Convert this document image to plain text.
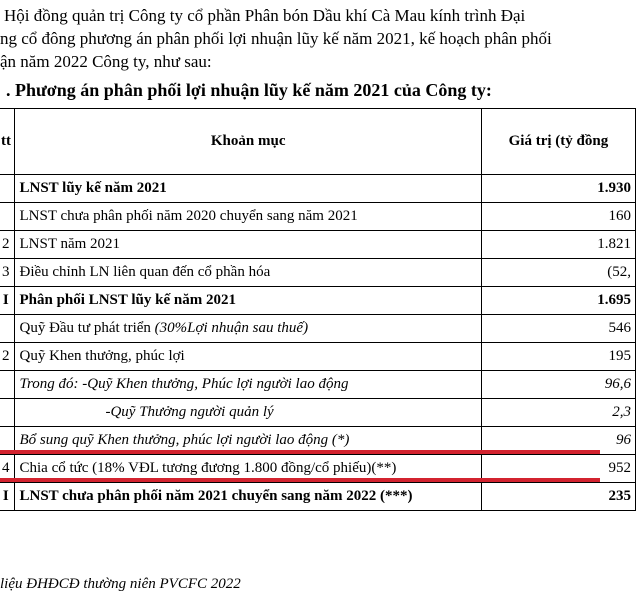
Hội đồng quản trị Công ty cổ phần Phân bón Dầu khí Cà Mau kính trình Đại
ng cổ đông phương án phân phối lợi nhuận lũy kế năm 2021, kế hoạch phân phối
ận năm 2022 Công ty, như sau:
. Phương án phân phối lợi nhuận lũy kế năm 2021 của Công ty:
tt	Khoản mục	Giá trị (tỷ đồng
	LNST lũy kế năm 2021	1.930
	LNST chưa phân phối năm 2020 chuyển sang năm 2021	160
2	LNST năm 2021	1.821
3	Điều chỉnh LN liên quan đến cổ phần hóa	(52,
I	Phân phối LNST lũy kế năm 2021	1.695
	Quỹ Đầu tư phát triển (30%Lợi nhuận sau thuế)	546
2	Quỹ Khen thưởng, phúc lợi	195
	Trong đó: -Quỹ Khen thưởng, Phúc lợi người lao động	96,6
	-Quỹ Thưởng người quản lý	2,3
	Bổ sung quỹ Khen thưởng, phúc lợi người lao động (*)	96
4	Chia cổ tức (18% VĐL tương đương 1.800 đồng/cổ phiếu)(**)	952
I	LNST chưa phân phối năm 2021 chuyển sang năm 2022 (***)	235
liệu ĐHĐCĐ thường niên PVCFC 2022
